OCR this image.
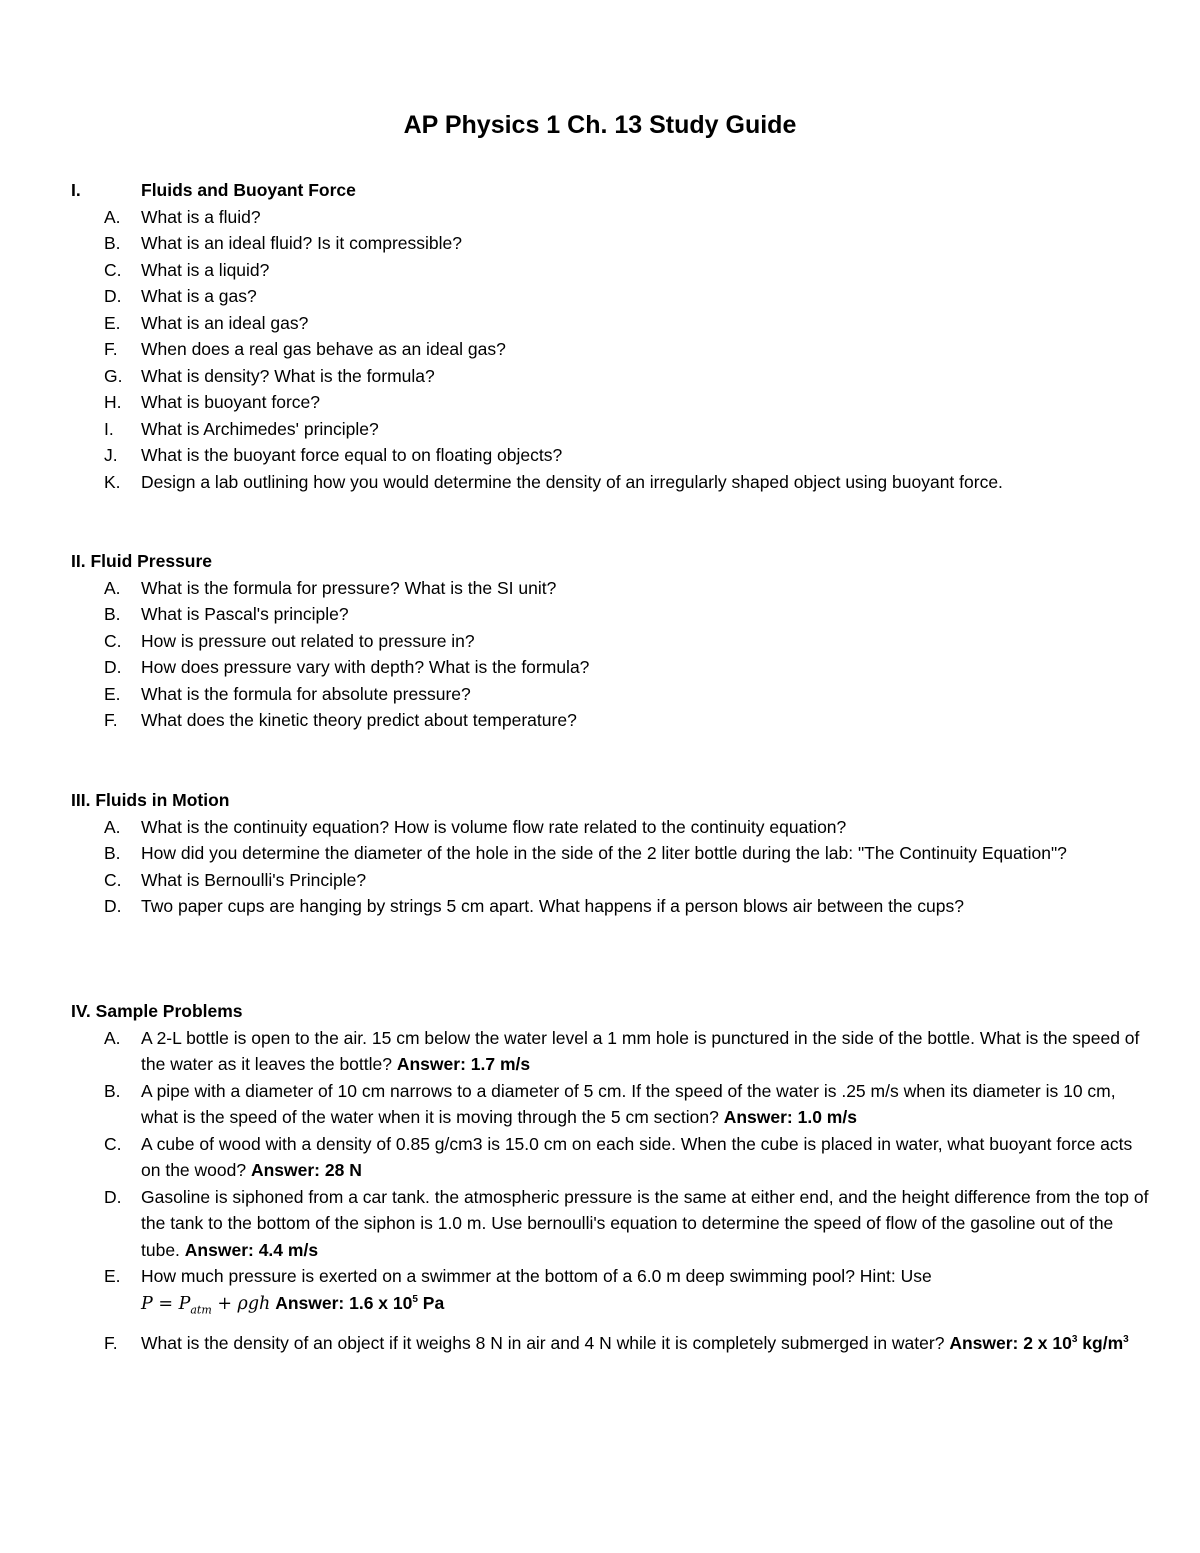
AP Physics 1 Ch. 13 Study Guide
I.	Fluids and Buoyant Force
A. What is a fluid?
B. What is an ideal fluid? Is it compressible?
C. What is a liquid?
D. What is a gas?
E. What is an ideal gas?
F. When does a real gas behave as an ideal gas?
G. What is density? What is the formula?
H. What is buoyant force?
I. What is Archimedes' principle?
J. What is the buoyant force equal to on floating objects?
K. Design a lab outlining how you would determine the density of an irregularly shaped object using buoyant force.
II. Fluid Pressure
A. What is the formula for pressure? What is the SI unit?
B. What is Pascal's principle?
C. How is pressure out related to pressure in?
D. How does pressure vary with depth? What is the formula?
E. What is the formula for absolute pressure?
F. What does the kinetic theory predict about temperature?
III. Fluids in Motion
A. What is the continuity equation? How is volume flow rate related to the continuity equation?
B. How did you determine the diameter of the hole in the side of the 2 liter bottle during the lab: "The Continuity Equation"?
C. What is Bernoulli's Principle?
D. Two paper cups are hanging by strings 5 cm apart. What happens if a person blows air between the cups?
IV. Sample Problems
A. A 2-L bottle is open to the air. 15 cm below the water level a 1 mm hole is punctured in the side of the bottle. What is the speed of the water as it leaves the bottle? Answer: 1.7 m/s
B. A pipe with a diameter of 10 cm narrows to a diameter of 5 cm. If the speed of the water is .25 m/s when its diameter is 10 cm, what is the speed of the water when it is moving through the 5 cm section? Answer: 1.0 m/s
C. A cube of wood with a density of 0.85 g/cm3 is 15.0 cm on each side. When the cube is placed in water, what buoyant force acts on the wood? Answer: 28 N
D. Gasoline is siphoned from a car tank. the atmospheric pressure is the same at either end, and the height difference from the top of the tank to the bottom of the siphon is 1.0 m. Use bernoulli's equation to determine the speed of flow of the gasoline out of the tube. Answer: 4.4 m/s
E. How much pressure is exerted on a swimmer at the bottom of a 6.0 m deep swimming pool? Hint: Use
$P = P_{atm} + \rho gh$ Answer: 1.6 x $10^5$ Pa
F. What is the density of an object if it weighs 8 N in air and 4 N while it is completely submerged in water? Answer: 2 x $10^3$ $kg/m^3$
